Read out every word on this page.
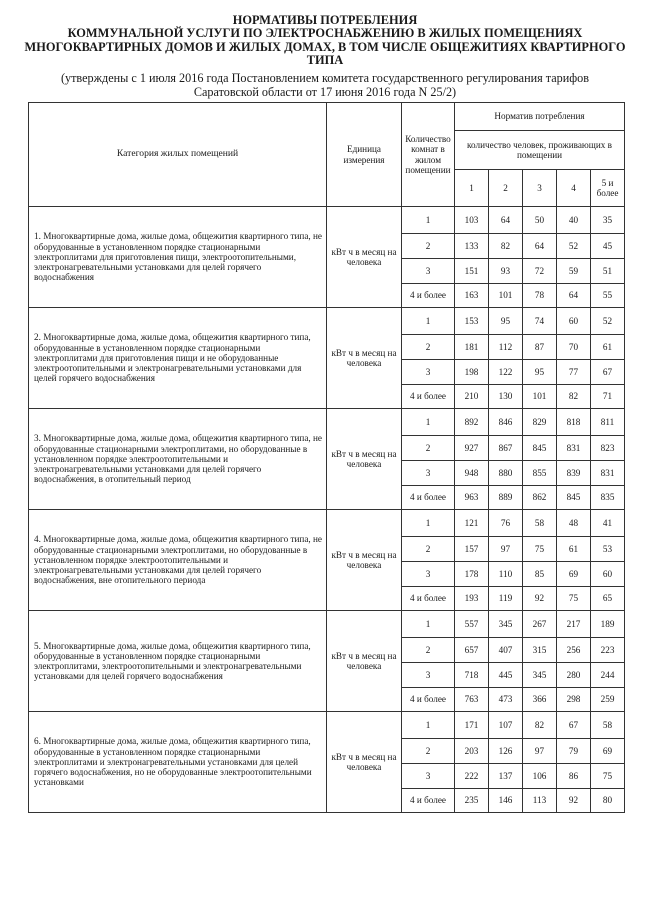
НОРМАТИВЫ ПОТРЕБЛЕНИЯ
КОММУНАЛЬНОЙ УСЛУГИ ПО ЭЛЕКТРОСНАБЖЕНИЮ В ЖИЛЫХ ПОМЕЩЕНИЯХ
МНОГОКВАРТИРНЫХ ДОМОВ И ЖИЛЫХ ДОМАХ, В ТОМ ЧИСЛЕ ОБЩЕЖИТИЯХ КВАРТИРНОГО
ТИПА
(утверждены с 1 июля 2016 года Постановлением комитета государственного регулирования тарифов
Саратовской области от 17 июня 2016 года N 25/2)
Категория жилых помещений	Единица измерения	Количество комнат в жилом помещении	Норматив потребления				
			количество человек, проживающих в помещении				
			1	2	3	4	5 и более
1. Многоквартирные дома, жилые дома, общежития квартирного типа, не оборудованные в установленном порядке стационарными электроплитами для приготовления пищи, электроотопительными, электронагревательными установками для целей горячего водоснабжения	кВт ч в месяц на человека	1	103	64	50	40	35
		2	133	82	64	52	45
		3	151	93	72	59	51
		4 и более	163	101	78	64	55
2. Многоквартирные дома, жилые дома, общежития квартирного типа, оборудованные в установленном порядке стационарными электроплитами для приготовления пищи и не оборудованные электроотопительными и электронагревательными установками для целей горячего водоснабжения	кВт ч в месяц на человека	1	153	95	74	60	52
		2	181	112	87	70	61
		3	198	122	95	77	67
		4 и более	210	130	101	82	71
3. Многоквартирные дома, жилые дома, общежития квартирного типа, не оборудованные стационарными электроплитами, но оборудованные в установленном порядке электроотопительными и электронагревательными установками для целей горячего водоснабжения, в отопительный период	кВт ч в месяц на человека	1	892	846	829	818	811
		2	927	867	845	831	823
		3	948	880	855	839	831
		4 и более	963	889	862	845	835
4. Многоквартирные дома, жилые дома, общежития квартирного типа, не оборудованные стационарными электроплитами, но оборудованные в установленном порядке электроотопительными и электронагревательными установками для целей горячего водоснабжения, вне отопительного периода	кВт ч в месяц на человека	1	121	76	58	48	41
		2	157	97	75	61	53
		3	178	110	85	69	60
		4 и более	193	119	92	75	65
5. Многоквартирные дома, жилые дома, общежития квартирного типа, оборудованные в установленном порядке стационарными электроплитами, электроотопительными и электронагревательными установками для целей горячего водоснабжения	кВт ч в месяц на человека	1	557	345	267	217	189
		2	657	407	315	256	223
		3	718	445	345	280	244
		4 и более	763	473	366	298	259
6. Многоквартирные дома, жилые дома, общежития квартирного типа, оборудованные в установленном порядке стационарными электроплитами и электронагревательными установками для целей горячего водоснабжения, но не оборудованные электроотопительными установками	кВт ч в месяц на человека	1	171	107	82	67	58
		2	203	126	97	79	69
		3	222	137	106	86	75
		4 и более	235	146	113	92	80
